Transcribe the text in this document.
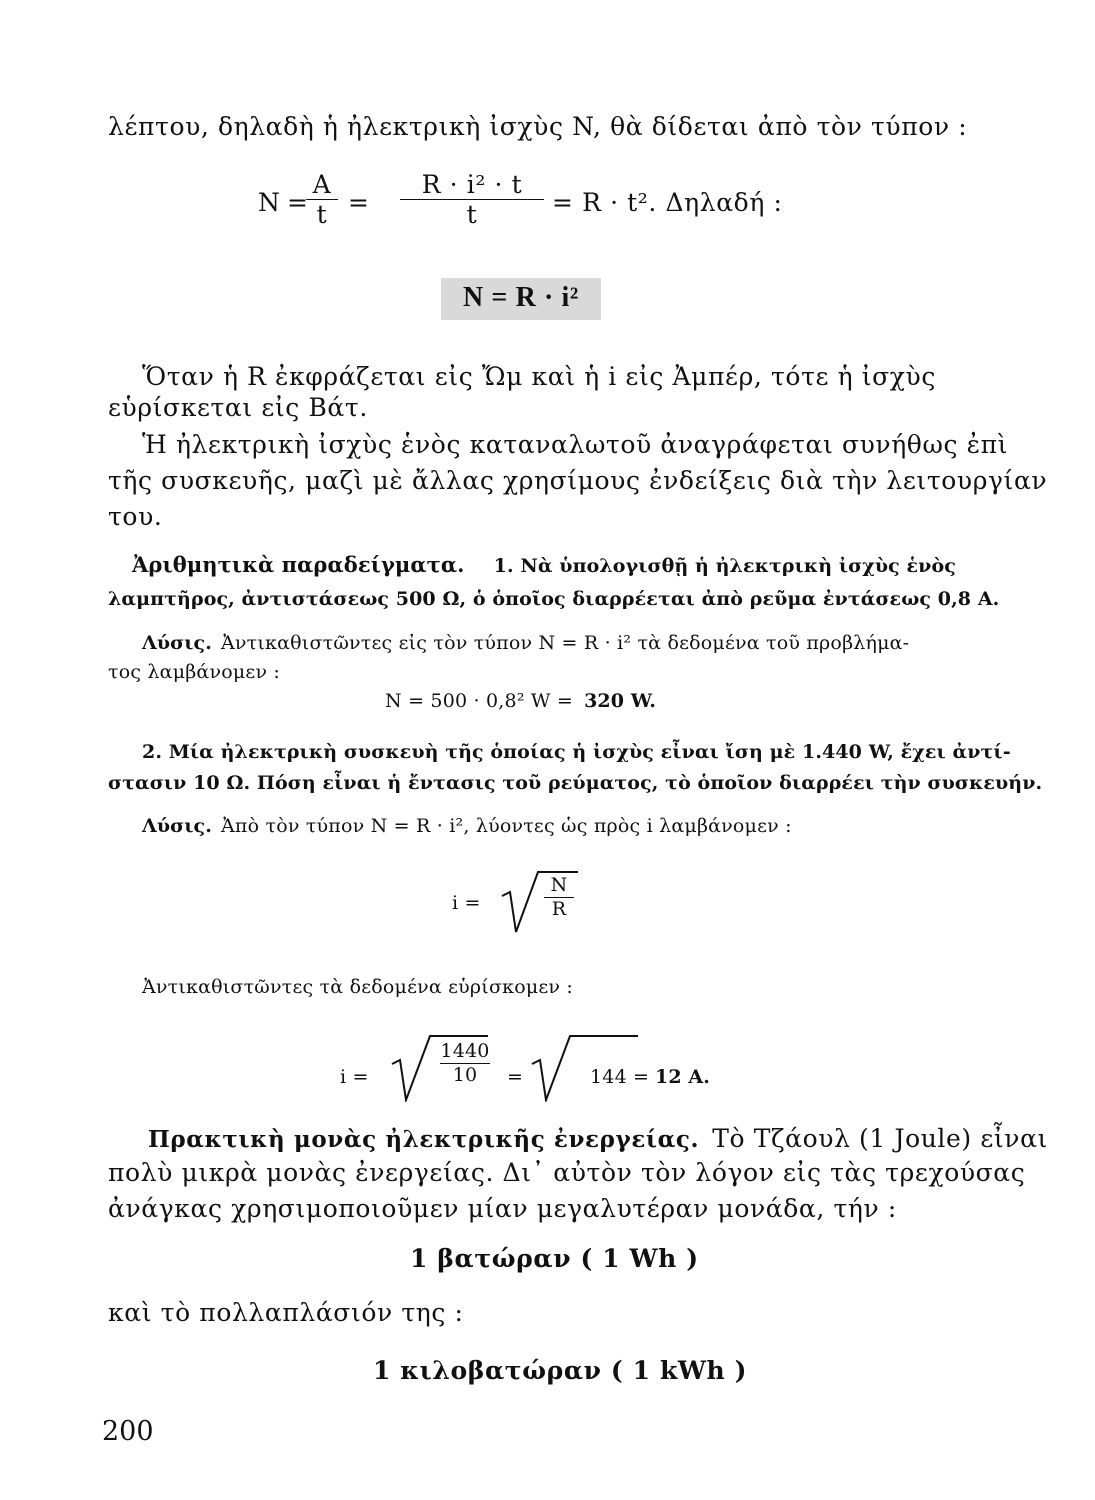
λέπτου, δηλαδὴ ἡ ἠλεκτρικὴ ἰσχὺς N, θὰ δίδεται ἀπὸ τὸν τύπον :
N =
A
t =
R · i² · t
t	= R · t². Δηλαδή :
N = R · i²
Ὅταν ἡ R ἐκφράζεται εἰς Ὤμ καὶ ἡ i εἰς Ἀμπέρ, τότε ἡ ἰσχὺς
εὑρίσκεται εἰς Βάτ.
Ἡ ἠλεκτρικὴ ἰσχὺς ἑνὸς καταναλωτοῦ ἀναγράφεται συνήθως ἐπὶ
τῆς συσκευῆς, μαζὶ μὲ ἄλλας χρησίμους ἐνδείξεις διὰ τὴν λειτουργίαν
του.
Ἀριθμητικὰ παραδείγματα. 1. Νὰ ὑπολογισθῇ ἡ ἠλεκτρικὴ ἰσχὺς ἑνὸς
λαμπτῆρος, ἀντιστάσεως 500 Ω, ὁ ὁποῖος διαρρέεται ἀπὸ ρεῦμα ἐντάσεως 0,8 A.
Λύσις. Ἀντικαθιστῶντες εἰς τὸν τύπον N = R · i² τὰ δεδομένα τοῦ προβλήμα-
τος λαμβάνομεν :
N = 500 · 0,8² W = 320 W.
2. Μία ἠλεκτρικὴ συσκευὴ τῆς ὁποίας ἡ ἰσχὺς εἶναι ἴση μὲ 1.440 W, ἔχει ἀντί-
στασιν 10 Ω. Πόση εἶναι ἡ ἔντασις τοῦ ρεύματος, τὸ ὁποῖον διαρρέει τὴν συσκευήν.
Λύσις. Ἀπὸ τὸν τύπον N = R · i², λύοντες ὡς πρὸς i λαμβάνομεν :
i =
N
R
Ἀντικαθιστῶντες τὰ δεδομένα εὑρίσκομεν :
i =
1440
10	=	144 = 12 A.
Πρακτικὴ μονὰς ἠλεκτρικῆς ἐνεργείας. Τὸ Τζάουλ (1 Joule) εἶναι
πολὺ μικρὰ μονὰς ἐνεργείας. Δι᾽ αὐτὸν τὸν λόγον εἰς τὰς τρεχούσας
ἀνάγκας χρησιμοποιοῦμεν μίαν μεγαλυτέραν μονάδα, τήν :
1 βατώραν ( 1 Wh )
καὶ τὸ πολλαπλάσιόν της :
1 κιλοβατώραν ( 1 kWh )
200
